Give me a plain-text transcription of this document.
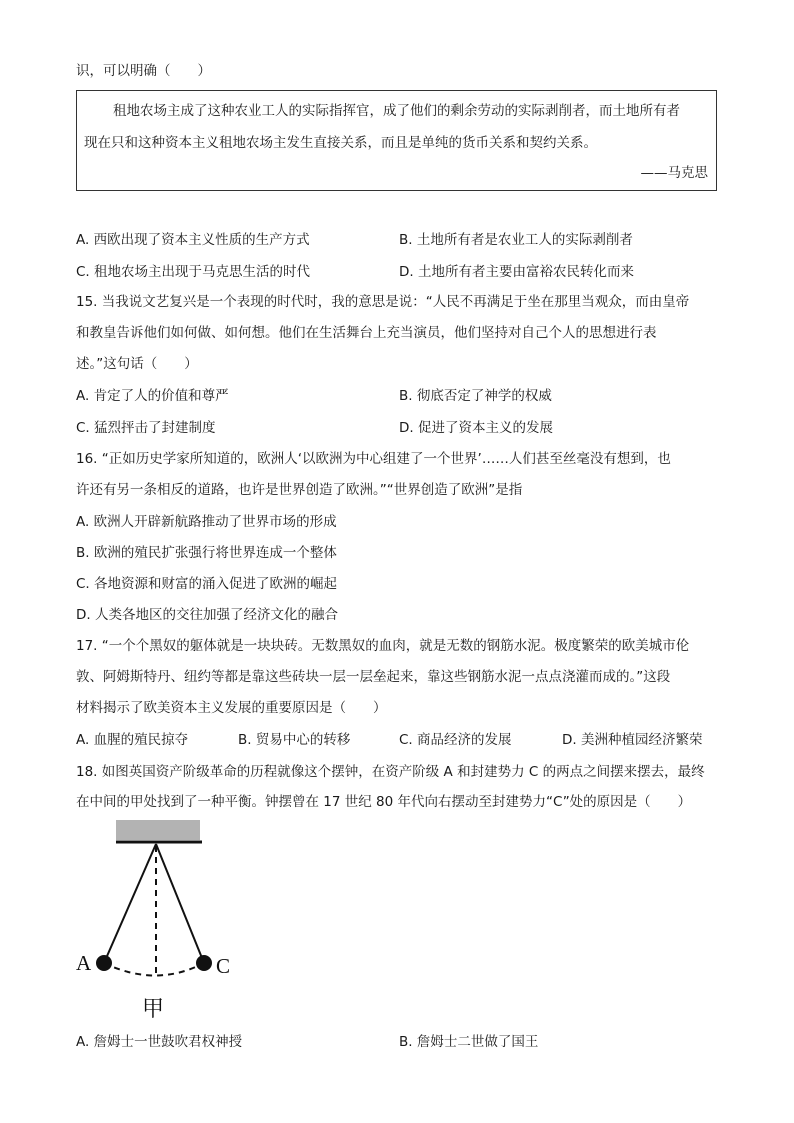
识，可以明确（　　）
租地农场主成了这种农业工人的实际指挥官，成了他们的剩余劳动的实际剥削者，而土地所有者
现在只和这种资本主义租地农场主发生直接关系，而且是单纯的货币关系和契约关系。
——马克思
A. 西欧出现了资本主义性质的生产方式	B. 土地所有者是农业工人的实际剥削者
C. 租地农场主出现于马克思生活的时代	D. 土地所有者主要由富裕农民转化而来
15. 当我说文艺复兴是一个表现的时代时，我的意思是说：“人民不再满足于坐在那里当观众，而由皇帝
和教皇告诉他们如何做、如何想。他们在生活舞台上充当演员，他们坚持对自己个人的思想进行表
述。”这句话（　　）
A. 肯定了人的价值和尊严	B. 彻底否定了神学的权威
C. 猛烈抨击了封建制度	D. 促进了资本主义的发展
16. “正如历史学家所知道的，欧洲人‘以欧洲为中心组建了一个世界’……人们甚至丝毫没有想到，也
许还有另一条相反的道路，也许是世界创造了欧洲。”“世界创造了欧洲”是指
A. 欧洲人开辟新航路推动了世界市场的形成
B. 欧洲的殖民扩张强行将世界连成一个整体
C. 各地资源和财富的涌入促进了欧洲的崛起
D. 人类各地区的交往加强了经济文化的融合
17. “一个个黑奴的躯体就是一块块砖。无数黑奴的血肉，就是无数的钢筋水泥。极度繁荣的欧美城市伦
敦、阿姆斯特丹、纽约等都是靠这些砖块一层一层垒起来，靠这些钢筋水泥一点点浇灌而成的。”这段
材料揭示了欧美资本主义发展的重要原因是（　　）
A. 血腥的殖民掠夺	B. 贸易中心的转移	C. 商品经济的发展	D. 美洲种植园经济繁荣
18. 如图英国资产阶级革命的历程就像这个摆钟，在资产阶级 A 和封建势力 C 的两点之间摆来摆去，最终
在中间的甲处找到了一种平衡。钟摆曾在 17 世纪 80 年代向右摆动至封建势力“C”处的原因是（　　）
A	C
甲
A. 詹姆士一世鼓吹君权神授	B. 詹姆士二世做了国王
